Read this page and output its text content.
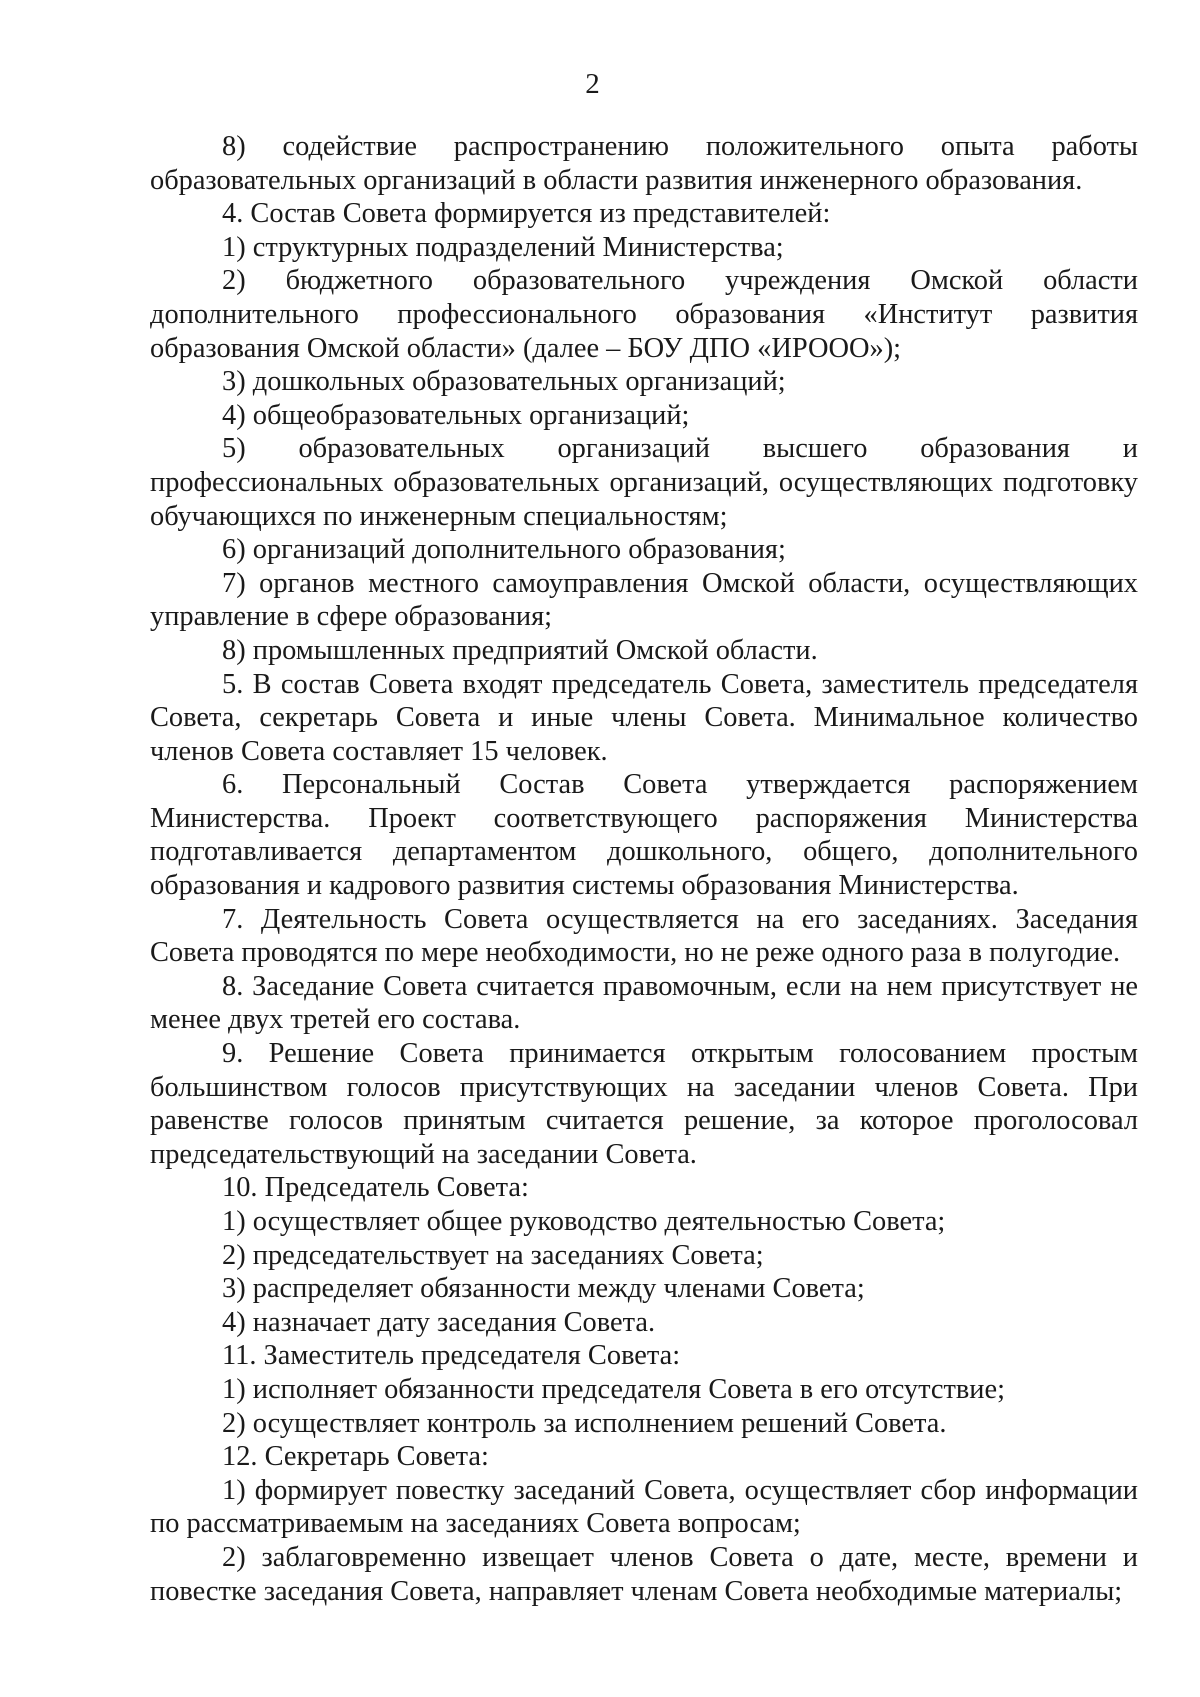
2

8) содействие распространению положительного опыта работы образовательных организаций в области развития инженерного образования.

4. Состав Совета формируется из представителей:

1) структурных подразделений Министерства;

2) бюджетного образовательного учреждения Омской области дополнительного профессионального образования «Институт развития образования Омской области» (далее – БОУ ДПО «ИРООО»);

3) дошкольных образовательных организаций;

4) общеобразовательных организаций;

5) образовательных организаций высшего образования и профессиональных образовательных организаций, осуществляющих подготовку обучающихся по инженерным специальностям;

6) организаций дополнительного образования;

7) органов местного самоуправления Омской области, осуществляющих управление в сфере образования;

8) промышленных предприятий Омской области.

5. В состав Совета входят председатель Совета, заместитель председателя Совета, секретарь Совета и иные члены Совета. Минимальное количество членов Совета составляет 15 человек.

6. Персональный Состав Совета утверждается распоряжением Министерства. Проект соответствующего распоряжения Министерства подготавливается департаментом дошкольного, общего, дополнительного образования и кадрового развития системы образования Министерства.

7. Деятельность Совета осуществляется на его заседаниях. Заседания Совета проводятся по мере необходимости, но не реже одного раза в полугодие.

8. Заседание Совета считается правомочным, если на нем присутствует не менее двух третей его состава.

9. Решение Совета принимается открытым голосованием простым большинством голосов присутствующих на заседании членов Совета. При равенстве голосов принятым считается решение, за которое проголосовал председательствующий на заседании Совета.

10. Председатель Совета:

1) осуществляет общее руководство деятельностью Совета;

2) председательствует на заседаниях Совета;

3) распределяет обязанности между членами Совета;

4) назначает дату заседания Совета.

11. Заместитель председателя Совета:

1) исполняет обязанности председателя Совета в его отсутствие;

2) осуществляет контроль за исполнением решений Совета.

12. Секретарь Совета:

1) формирует повестку заседаний Совета, осуществляет сбор информации по рассматриваемым на заседаниях Совета вопросам;

2) заблаговременно извещает членов Совета о дате, месте, времени и повестке заседания Совета, направляет членам Совета необходимые материалы;
